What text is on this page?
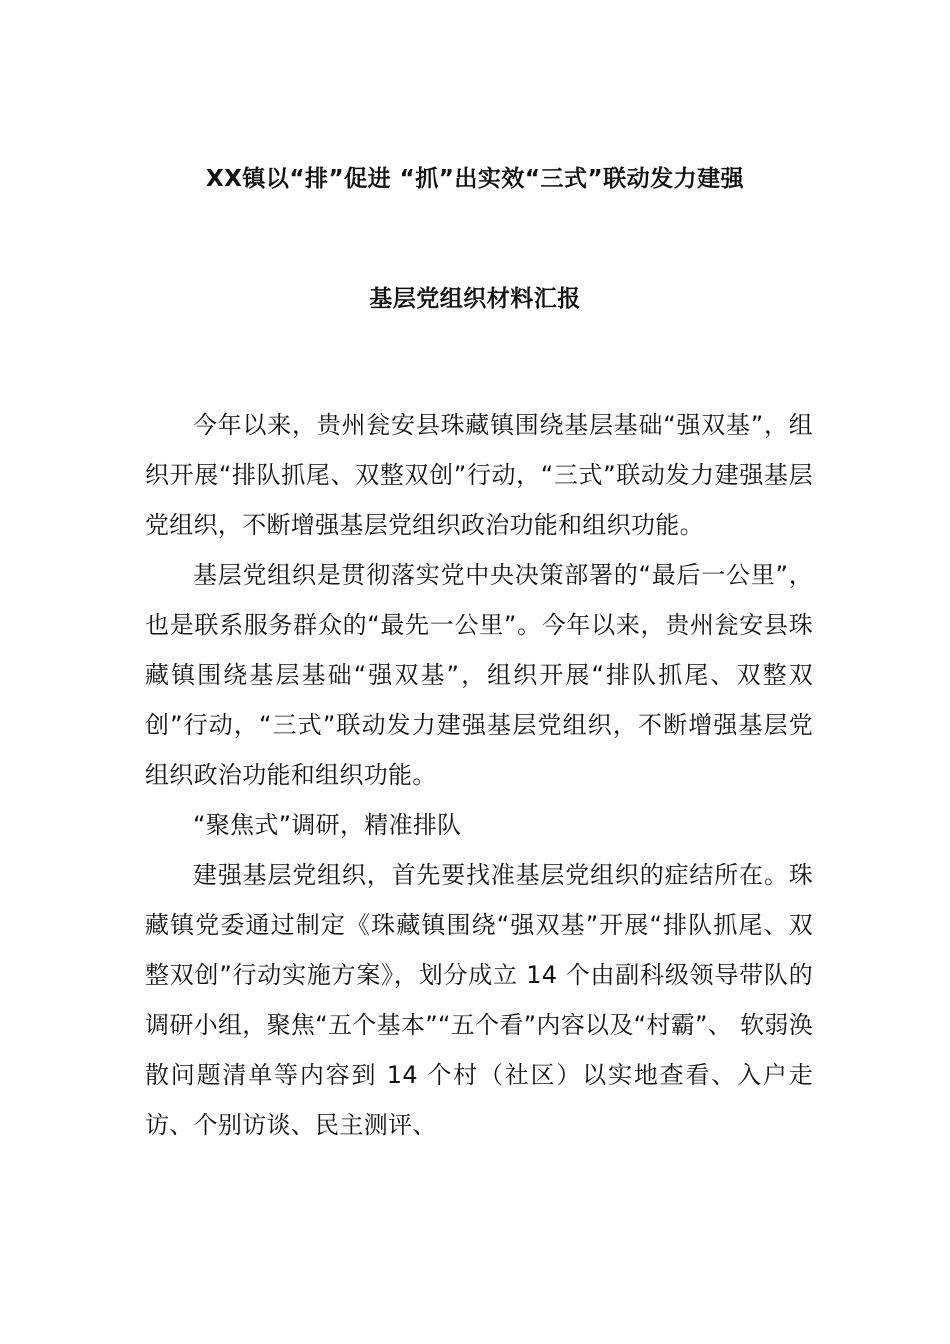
XX镇以“排”促进 “抓”出实效“三式”联动发力建强
基层党组织材料汇报

今年以来，贵州瓮安县珠藏镇围绕基层基础“强双基”，组织开展“排队抓尾、双整双创”行动，“三式”联动发力建强基层党组织，不断增强基层党组织政治功能和组织功能。

基层党组织是贯彻落实党中央决策部署的“最后一公里”，也是联系服务群众的“最先一公里”。今年以来，贵州瓮安县珠藏镇围绕基层基础“强双基”，组织开展“排队抓尾、双整双创”行动，“三式”联动发力建强基层党组织，不断增强基层党组织政治功能和组织功能。

“聚焦式”调研，精准排队

建强基层党组织，首先要找准基层党组织的症结所在。珠藏镇党委通过制定《珠藏镇围绕“强双基”开展“排队抓尾、双整双创”行动实施方案》，划分成立 14 个由副科级领导带队的调研小组，聚焦“五个基本”“五个看”内容以及“村霸”、 软弱涣散问题清单等内容到 14 个村（社区）以实地查看、入户走访、个别访谈、民主测评、
